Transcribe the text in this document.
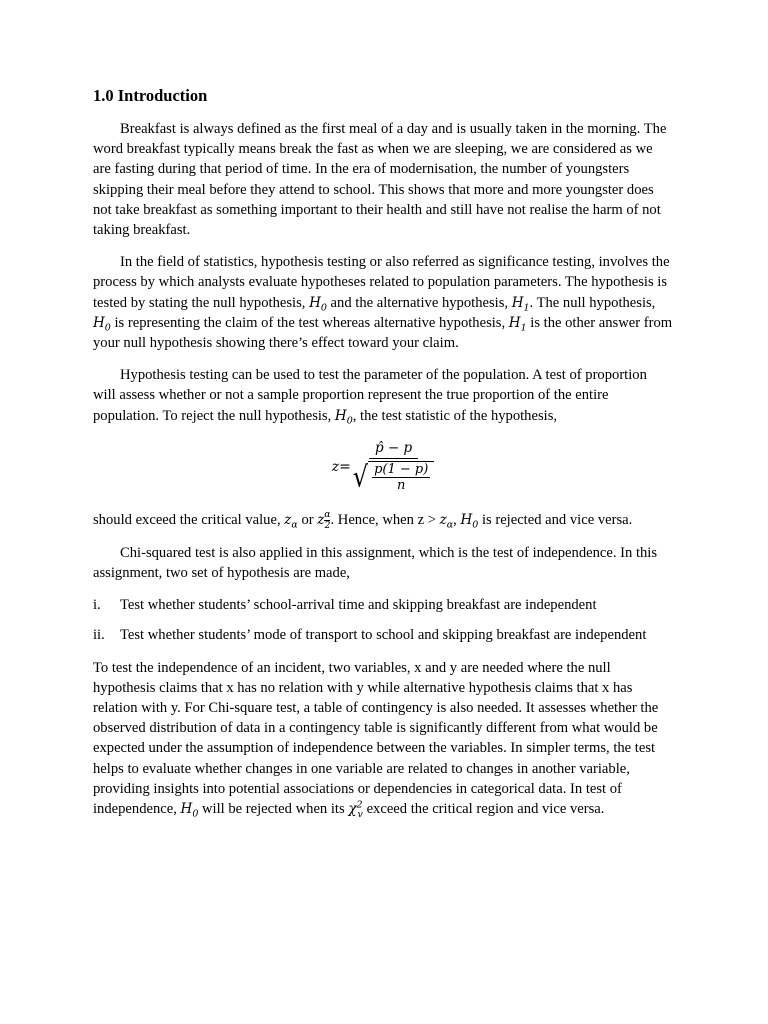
1.0 Introduction

Breakfast is always defined as the first meal of a day and is usually taken in the morning. The word breakfast typically means break the fast as when we are sleeping, we are considered as we are fasting during that period of time. In the era of modernisation, the number of youngsters skipping their meal before they attend to school. This shows that more and more youngster does not take breakfast as something important to their health and still have not realise the harm of not taking breakfast.

In the field of statistics, hypothesis testing or also referred as significance testing, involves the process by which analysts evaluate hypotheses related to population parameters. The hypothesis is tested by stating the null hypothesis, $H_0$ and the alternative hypothesis, $H_1$. The null hypothesis, $H_0$ is representing the claim of the test whereas alternative hypothesis, $H_1$ is the other answer from your null hypothesis showing there’s effect toward your claim.

Hypothesis testing can be used to test the parameter of the population. A test of proportion will assess whether or not a sample proportion represent the true proportion of the entire population. To reject the null hypothesis, $H_0$, the test statistic of the hypothesis,

$z= \frac{p̂ - p}{√ \frac{p(1 - p)}{n}}$

should exceed the critical value, $z_\alpha$ or z $\frac{\alpha}{2}$ . Hence, when $z > z_\alpha$, $H_0$ is rejected and vice versa.

Chi-squared test is also applied in this assignment, which is the test of independence. In this assignment, two set of hypothesis are made,

i.	Test whether students’ school-arrival time and skipping breakfast are independent
ii.	Test whether students’ mode of transport to school and skipping breakfast are independent

To test the independence of an incident, two variables, x and y are needed where the null hypothesis claims that x has no relation with y while alternative hypothesis claims that x has relation with y. For Chi-square test, a table of contingency is also needed. It assesses whether the observed distribution of data in a contingency table is significantly different from what would be expected under the assumption of independence between the variables. In simpler terms, the test helps to evaluate whether changes in one variable are related to changes in another variable, providing insights into potential associations or dependencies in categorical data. In test of independence, $H_0$ will be rejected when its $\chi^2_v$ exceed the critical region and vice versa.
